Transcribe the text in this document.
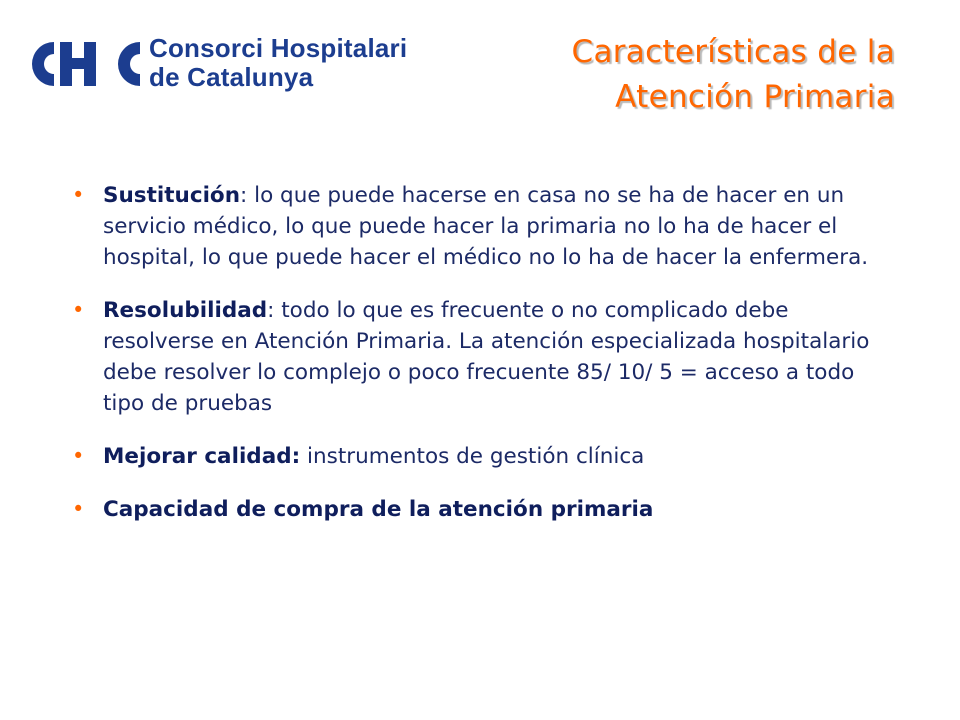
Consorci Hospitalari
de Catalunya
Características de la
Atención Primaria
• Sustitución: lo que puede hacerse en casa no se ha de hacer en un servicio médico, lo que puede hacer la primaria no lo ha de hacer el hospital, lo que puede hacer el médico no lo ha de hacer la enfermera.
• Resolubilidad: todo lo que es frecuente o no complicado debe resolverse en Atención Primaria. La atención especializada hospitalario debe resolver lo complejo o poco frecuente 85/ 10/ 5 = acceso a todo tipo de pruebas
• Mejorar calidad: instrumentos de gestión clínica
• Capacidad de compra de la atención primaria
